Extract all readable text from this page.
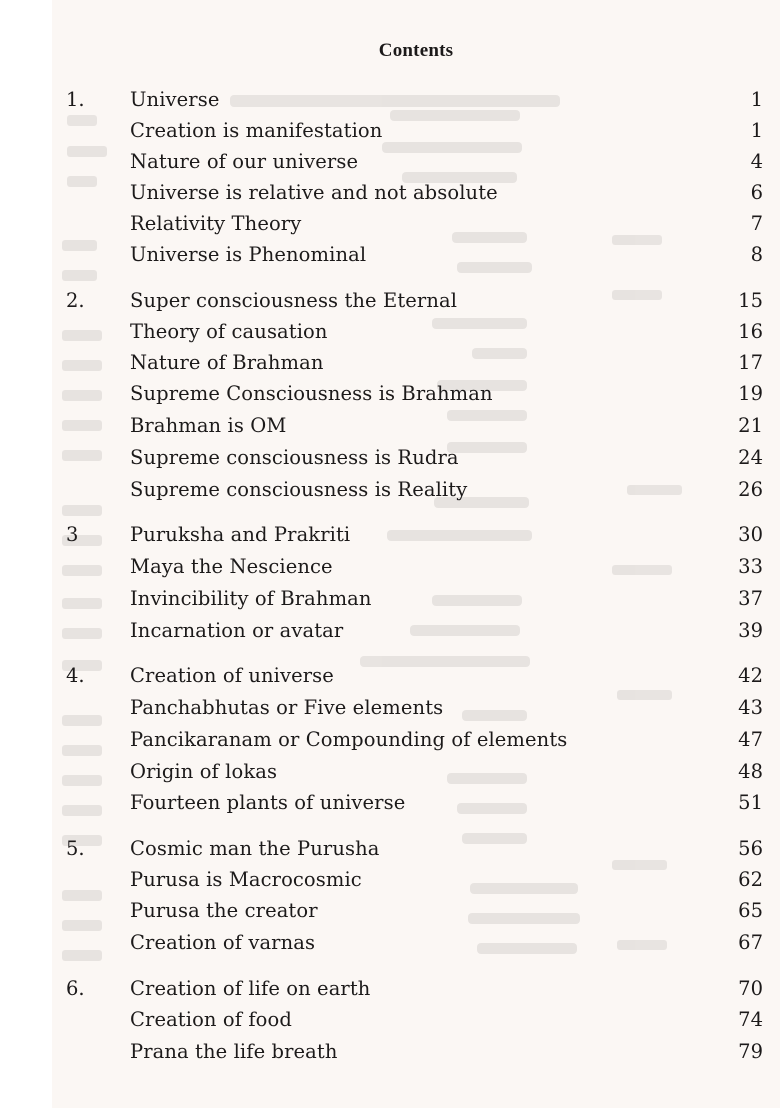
Contents
1. Universe	1
Creation is manifestation	1
Nature of our universe	4
Universe is relative and not absolute	6
Relativity Theory	7
Universe is Phenominal	8
2. Super consciousness the Eternal	15
Theory of causation	16
Nature of Brahman	17
Supreme Consciousness is Brahman	19
Brahman is OM	21
Supreme consciousness is Rudra	24
Supreme consciousness is Reality	26
3	Puruksha and Prakriti	30
Maya the Nescience	33
Invincibility of Brahman	37
Incarnation or avatar	39
4. Creation of universe	42
Panchabhutas or Five elements	43
Pancikaranam or Compounding of elements	47
Origin of lokas	48
Fourteen plants of universe	51
5. Cosmic man the Purusha	56
Purusa is Macrocosmic	62
Purusa the creator	65
Creation of varnas	67
6. Creation of life on earth	70
Creation of food	74
Prana the life breath	79
